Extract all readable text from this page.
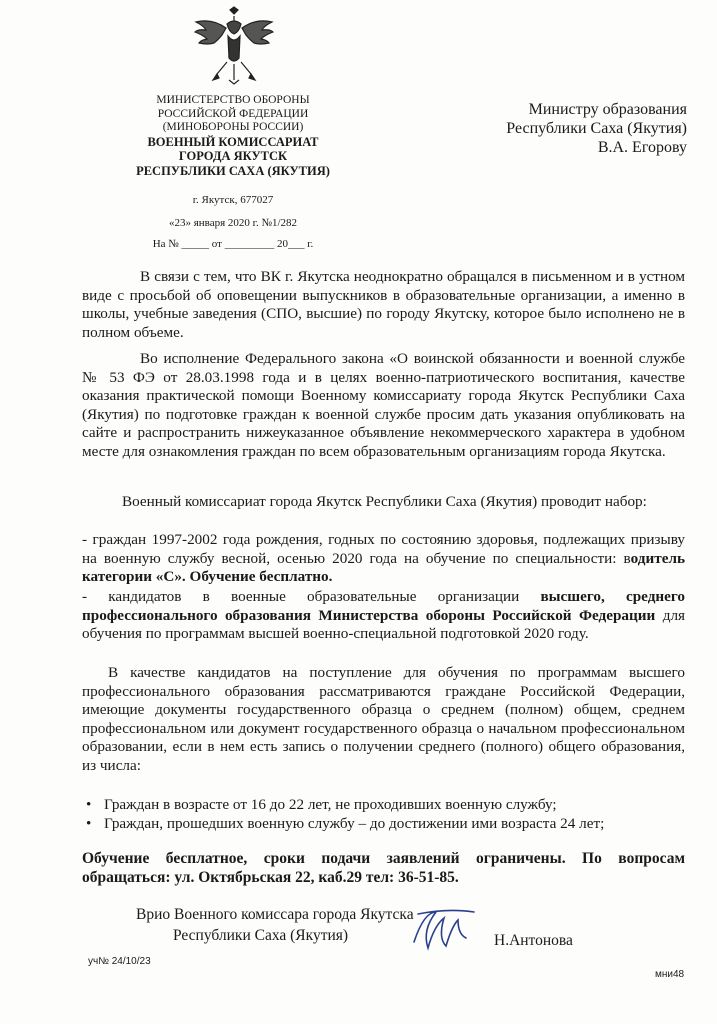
МИНИСТЕРСТВО ОБОРОНЫ
РОССИЙСКОЙ ФЕДЕРАЦИИ
(МИНОБОРОНЫ РОССИИ)
ВОЕННЫЙ КОМИССАРИАТ
ГОРОДА ЯКУТСК
РЕСПУБЛИКИ САХА (ЯКУТИЯ)
г. Якутск, 677027
«23» января 2020 г. №1/282
На № _____ от _________ 20___ г.
Министру образования
Республики Саха (Якутия)
В.А. Егорову

В связи с тем, что ВК г. Якутска неоднократно обращался в письменном и в устном виде с просьбой об оповещении выпускников в образовательные организации, а именно в школы, учебные заведения (СПО, высшие) по городу Якутску, которое было исполнено не в полном объеме.

Во исполнение Федерального закона «О воинской обязанности и военной службе № 53 ФЭ от 28.03.1998 года и в целях военно-патриотического воспитания, качестве оказания практической помощи Военному комиссариату города Якутск Республики Саха (Якутия) по подготовке граждан к военной службе просим дать указания опубликовать на сайте и распространить нижеуказанное объявление некоммерческого характера в удобном месте для ознакомления граждан по всем образовательным организациям города Якутска.

Военный комиссариат города Якутск Республики Саха (Якутия) проводит набор:

- граждан 1997-2002 года рождения, годных по состоянию здоровья, подлежащих призыву на военную службу весной, осенью 2020 года на обучение по специальности: водитель категории «С». Обучение бесплатно.

- кандидатов в военные образовательные организации высшего, среднего профессионального образования Министерства обороны Российской Федерации для обучения по программам высшей военно-специальной подготовкой 2020 году.

В качестве кандидатов на поступление для обучения по программам высшего профессионального образования рассматриваются граждане Российской Федерации, имеющие документы государственного образца о среднем (полном) общем, среднем профессиональном или документ государственного образца о начальном профессиональном образовании, если в нем есть запись о получении среднего (полного) общего образования, из числа:

• Граждан в возрасте от 16 до 22 лет, не проходивших военную службу;
• Граждан, прошедших военную службу – до достижении ими возраста 24 лет;

Обучение бесплатное, сроки подачи заявлений ограничены. По вопросам обращаться: ул. Октябрьская 22, каб.29 тел: 36-51-85.

Врио Военного комиссара города Якутска
Республики Саха (Якутия)	Н.Антонова
уч№ 24/10/23
мни48
